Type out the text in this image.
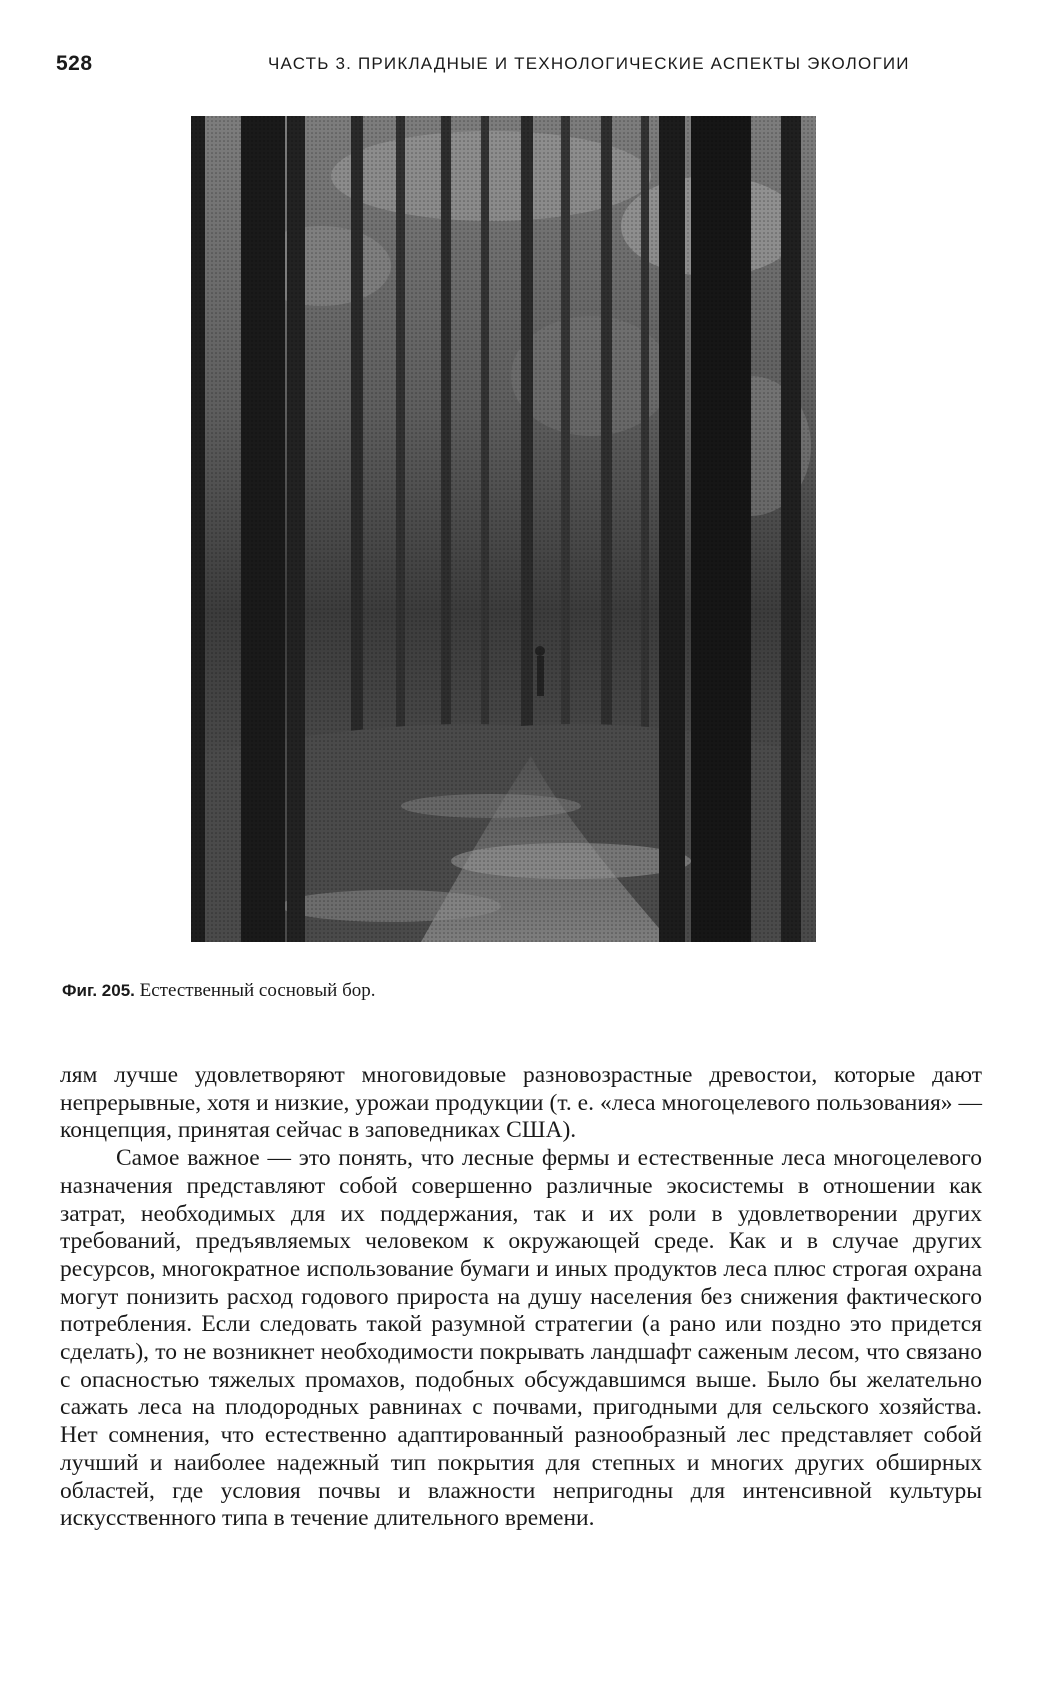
528	ЧАСТЬ 3. ПРИКЛАДНЫЕ И ТЕХНОЛОГИЧЕСКИЕ АСПЕКТЫ ЭКОЛОГИИ
Фиг. 205. Естественный сосновый бор.

лям лучше удовлетворяют многовидовые разновозрастные древостои, которые дают непрерывные, хотя и низкие, урожаи продукции (т. е. «леса многоцелевого пользования» — концепция, принятая сейчас в заповедниках США).

Самое важное — это понять, что лесные фермы и естественные леса многоцелевого назначения представляют собой совершенно различные экосистемы в отношении как затрат, необходимых для их поддержания, так и их роли в удовлетворении других требований, предъявляемых человеком к окружающей среде. Как и в случае других ресурсов, многократное использование бумаги и иных продуктов леса плюс строгая охрана могут понизить расход годового прироста на душу населения без снижения фактического потребления. Если следовать такой разумной стратегии (а рано или поздно это придется сделать), то не возникнет необходимости покрывать ландшафт саженым лесом, что связано с опасностью тяжелых промахов, подобных обсуждавшимся выше. Было бы желательно сажать леса на плодородных равнинах с почвами, пригодными для сельского хозяйства. Нет сомнения, что естественно адаптированный разнообразный лес представляет собой лучший и наиболее надежный тип покрытия для степных и многих других обширных областей, где условия почвы и влажности непригодны для интенсивной культуры искусственного типа в течение длительного времени.
